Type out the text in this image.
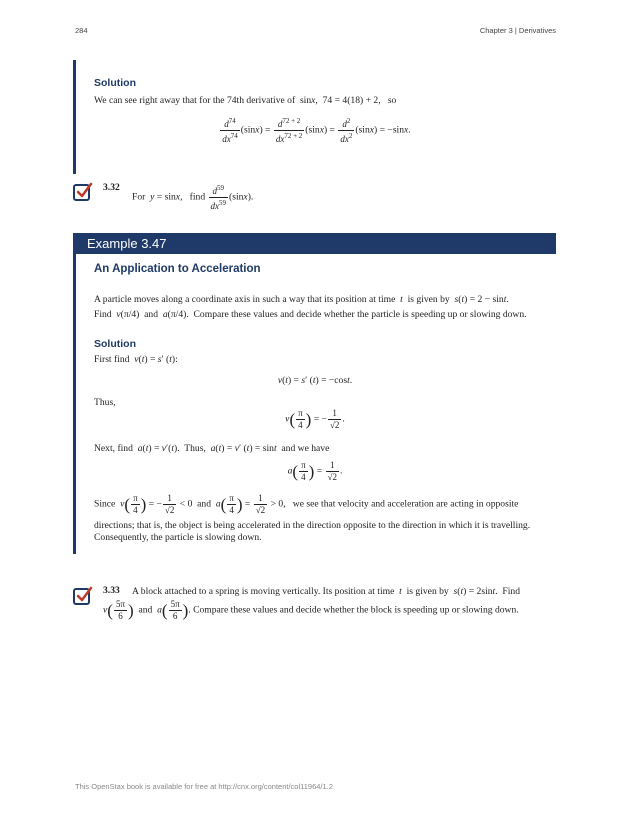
284	Chapter 3 | Derivatives
Solution
We can see right away that for the 74th derivative of  sinx,  74 = 4(18) + 2, so
$\frac{d^{74}}{dx^{74}} (\sin x) = \frac{d^{72 + 2}}{dx^{72 + 2}} (\sin x) = \frac{d^2}{dx^2} (\sin x) = -\sin x$.
3.32
For y = sinx,   find $\frac{d^{59}}{dx^{59}} (\sin x)$.
Example 3.47
An Application to Acceleration
A particle moves along a coordinate axis in such a way that its position at time t is given by s(t) = 2 − sint.
Find v(π/4)  and a(π/4).  Compare these values and decide whether the particle is speeding up or slowing down.
Solution
First find v(t) = s′ (t):
v(t) = s′ (t) = −cost.
Thus,
$v( \frac{\pi}{4}$ ) = − $\frac{1}{√2}$ .
Next, find a(t) = v′(t).  Thus, a(t) = v′ (t) = sint and we have
$a( \frac{\pi}{4}$ ) = $\frac{1}{√2}$ .
Since $v( \frac{\pi}{4}$ ) = − $\frac{1}{√2} < 0$  and $a( \frac{\pi}{4}$ ) = $\frac{1}{√2} > 0$,   we see that velocity and acceleration are acting in opposite
directions; that is, the object is being accelerated in the direction opposite to the direction in which it is travelling.
Consequently, the particle is slowing down.
3.33 A block attached to a spring is moving vertically. Its position at time t is given by s(t) = 2sint.  Find
$v( \frac{5\pi}{6}$ ) and $a( \frac{5\pi}{6}$ ). Compare these values and decide whether the block is speeding up or slowing down.
This OpenStax book is available for free at http://cnx.org/content/col11964/1.2
